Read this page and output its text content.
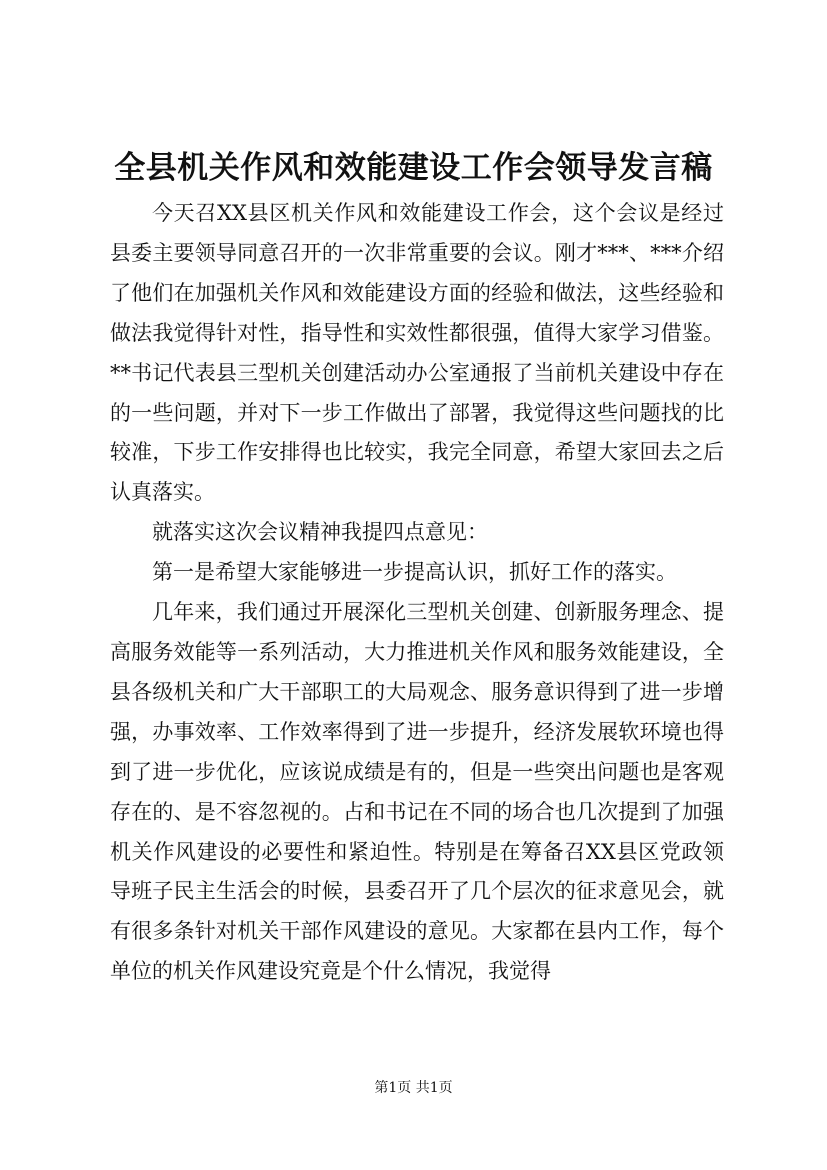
全县机关作风和效能建设工作会领导发言稿

今天召XX县区机关作风和效能建设工作会，这个会议是经过县委主要领导同意召开的一次非常重要的会议。刚才***、***介绍了他们在加强机关作风和效能建设方面的经验和做法，这些经验和做法我觉得针对性，指导性和实效性都很强，值得大家学习借鉴。**书记代表县三型机关创建活动办公室通报了当前机关建设中存在的一些问题，并对下一步工作做出了部署，我觉得这些问题找的比较准，下步工作安排得也比较实，我完全同意，希望大家回去之后认真落实。

就落实这次会议精神我提四点意见：

第一是希望大家能够进一步提高认识，抓好工作的落实。

几年来，我们通过开展深化三型机关创建、创新服务理念、提高服务效能等一系列活动，大力推进机关作风和服务效能建设，全县各级机关和广大干部职工的大局观念、服务意识得到了进一步增强，办事效率、工作效率得到了进一步提升，经济发展软环境也得到了进一步优化，应该说成绩是有的，但是一些突出问题也是客观存在的、是不容忽视的。占和书记在不同的场合也几次提到了加强机关作风建设的必要性和紧迫性。特别是在筹备召XX县区党政领导班子民主生活会的时候，县委召开了几个层次的征求意见会，就有很多条针对机关干部作风建设的意见。大家都在县内工作，每个单位的机关作风建设究竟是个什么情况，我觉得

第1页 共1页
